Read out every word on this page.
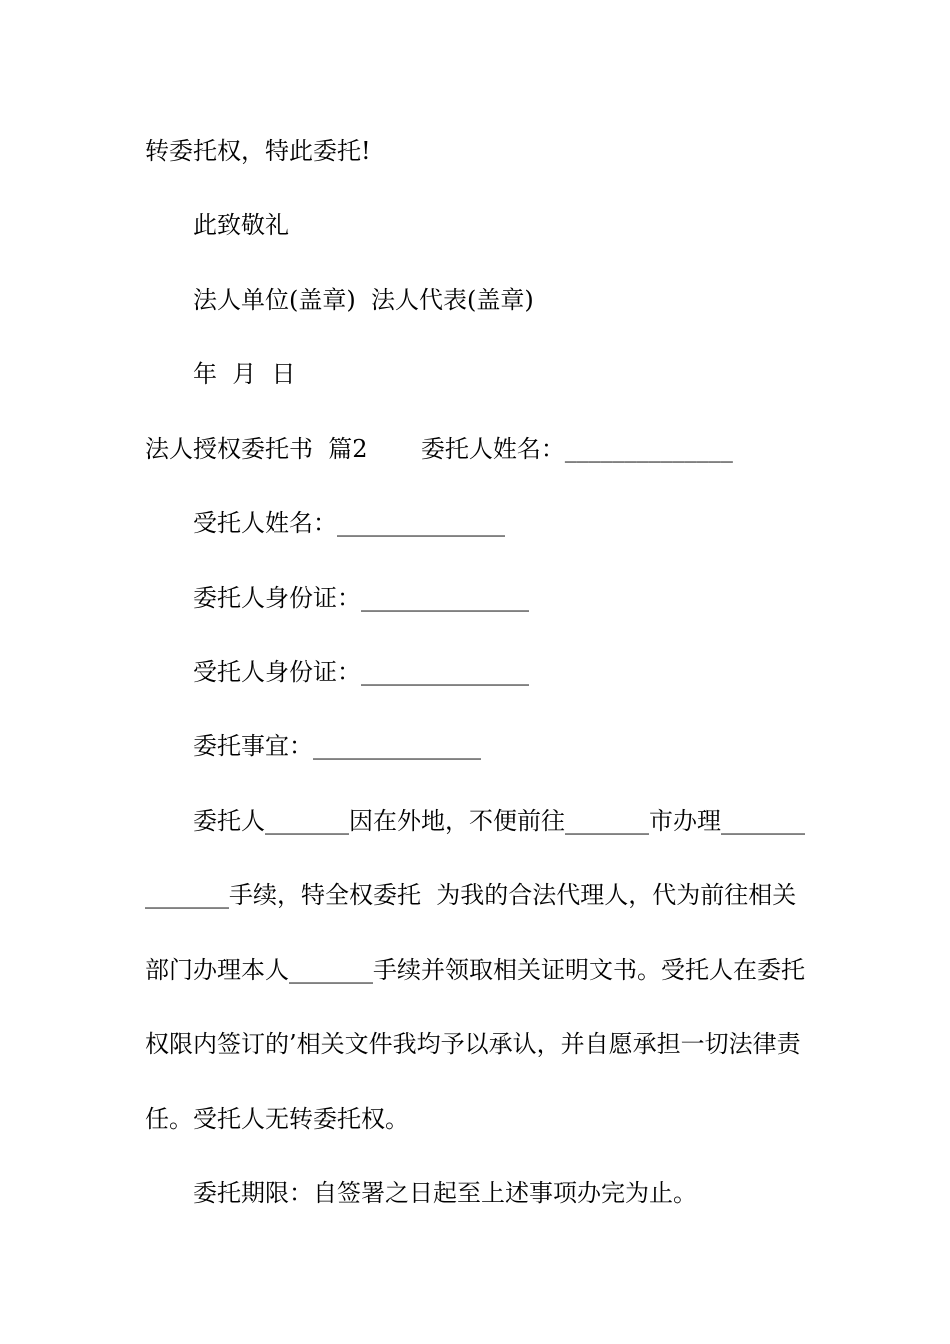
转委托权，特此委托!
此致敬礼
法人单位(盖章)  法人代表(盖章)
年  月  日
法人授权委托书  篇2       委托人姓名：______________
受托人姓名：______________
委托人身份证：______________
受托人身份证：______________
委托事宜：______________
委托人_______因在外地，不便前往_______市办理_______
_______手续，特全权委托  为我的合法代理人，代为前往相关
部门办理本人_______手续并领取相关证明文书。受托人在委托
权限内签订的’相关文件我均予以承认，并自愿承担一切法律责
任。受托人无转委托权。
委托期限：自签署之日起至上述事项办完为止。
